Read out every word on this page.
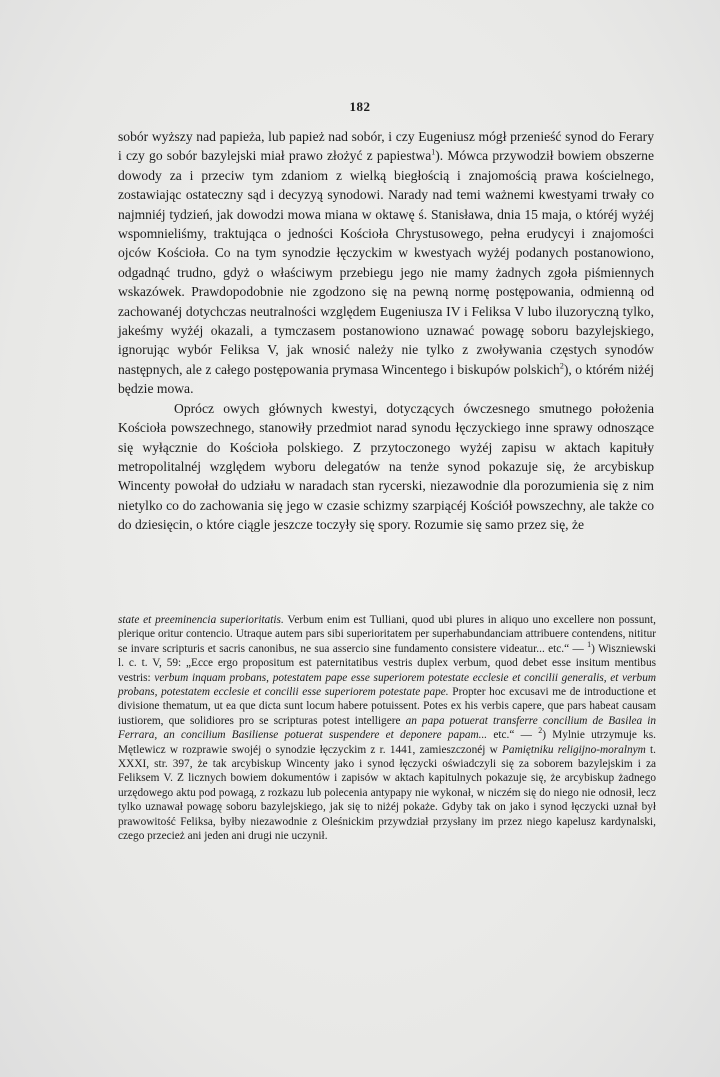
182

sobór wyższy nad papieża, lub papież nad sobór, i czy Eugeniusz mógł przenieść synod do Ferary i czy go sobór bazylejski miał prawo złożyć z papiestwa$^1$). Mówca przywodził bowiem obszerne dowody za i przeciw tym zdaniom z wielką biegłością i znajomością prawa kościelnego, zostawiając ostateczny sąd i decyzyą synodowi. Narady nad temi ważnemi kwestyami trwały co najmniéj tydzień, jak dowodzi mowa miana w oktawę ś. Stanisława, dnia 15 maja, o któréj wyżéj wspomnieliśmy, traktująca o jedności Kościoła Chrystusowego, pełna erudycyi i znajomości ojców Kościoła. Co na tym synodzie łęczyckim w kwestyach wyżéj podanych postanowiono, odgadnąć trudno, gdyż o właściwym przebiegu jego nie mamy żadnych zgoła piśmiennych wskazówek. Prawdopodobnie nie zgodzono się na pewną normę postępowania, odmienną od zachowanéj dotychczas neutralności względem Eugeniusza IV i Feliksa V lubo iluzoryczną tylko, jakeśmy wyżéj okazali, a tymczasem postanowiono uznawać powagę soboru bazylejskiego, ignorując wybór Feliksa V, jak wnosić należy nie tylko z zwoływania częstych synodów następnych, ale z całego postępowania prymasa Wincentego i biskupów polskich$^2$), o którém niżéj będzie mowa.

Oprócz owych głównych kwestyi, dotyczących ówczesnego smutnego położenia Kościoła powszechnego, stanowiły przedmiot narad synodu łęczyckiego inne sprawy odnoszące się wyłącznie do Kościoła polskiego. Z przytoczonego wyżéj zapisu w aktach kapituły metropolitalnéj względem wyboru delegatów na tenże synod pokazuje się, że arcybiskup Wincenty powołał do udziału w naradach stan rycerski, niezawodnie dla porozumienia się z nim nietylko co do zachowania się jego w czasie schizmy szarpiącéj Kościół powszechny, ale także co do dziesięcin, o które ciągle jeszcze toczyły się spory. Rozumie się samo przez się, że

state et preeminencia superioritatis. Verbum enim est Tulliani, quod ubi plures in aliquo uno excellere non possunt, plerique oritur contencio. Utraque autem pars sibi superioritatem per superhabundanciam attribuere contendens, nititur se invare scripturis et sacris canonibus, ne sua assercio sine fundamento consistere videatur... etc.“ — $^1$) Wiszniewski l. c. t. V, 59: „Ecce ergo propositum est paternitatibus vestris duplex verbum, quod debet esse insitum mentibus vestris: verbum inquam probans, potestatem pape esse superiorem potestate ecclesie et concilii generalis, et verbum probans, potestatem ecclesie et concilii esse superiorem potestate pape. Propter hoc excusavi me de introductione et divisione thematum, ut ea que dicta sunt locum habere potuissent. Potes ex his verbis capere, que pars habeat causam iustiorem, que solidiores pro se scripturas potest intelligere an papa potuerat transferre concilium de Basilea in Ferrara, an concilium Basiliense potuerat suspendere et deponere papam... etc.“ — $^2$) Mylnie utrzymuje ks. Mętlewicz w rozprawie swojéj o synodzie łęczyckim z r. 1441, zamieszczonéj w Pamiętniku religijno-moralnym t. XXXI, str. 397, że tak arcybiskup Wincenty jako i synod łęczycki oświadczyli się za soborem bazylejskim i za Feliksem V. Z licznych bowiem dokumentów i zapisów w aktach kapitulnych pokazuje się, że arcybiskup żadnego urzędowego aktu pod powagą, z rozkazu lub polecenia antypapy nie wykonał, w niczém się do niego nie odnosił, lecz tylko uznawał powagę soboru bazylejskiego, jak się to niżéj pokaże. Gdyby tak on jako i synod łęczycki uznał był prawowitość Feliksa, byłby niezawodnie z Oleśnickim przywdział przysłany im przez niego kapelusz kardynalski, czego przecież ani jeden ani drugi nie uczynił.
